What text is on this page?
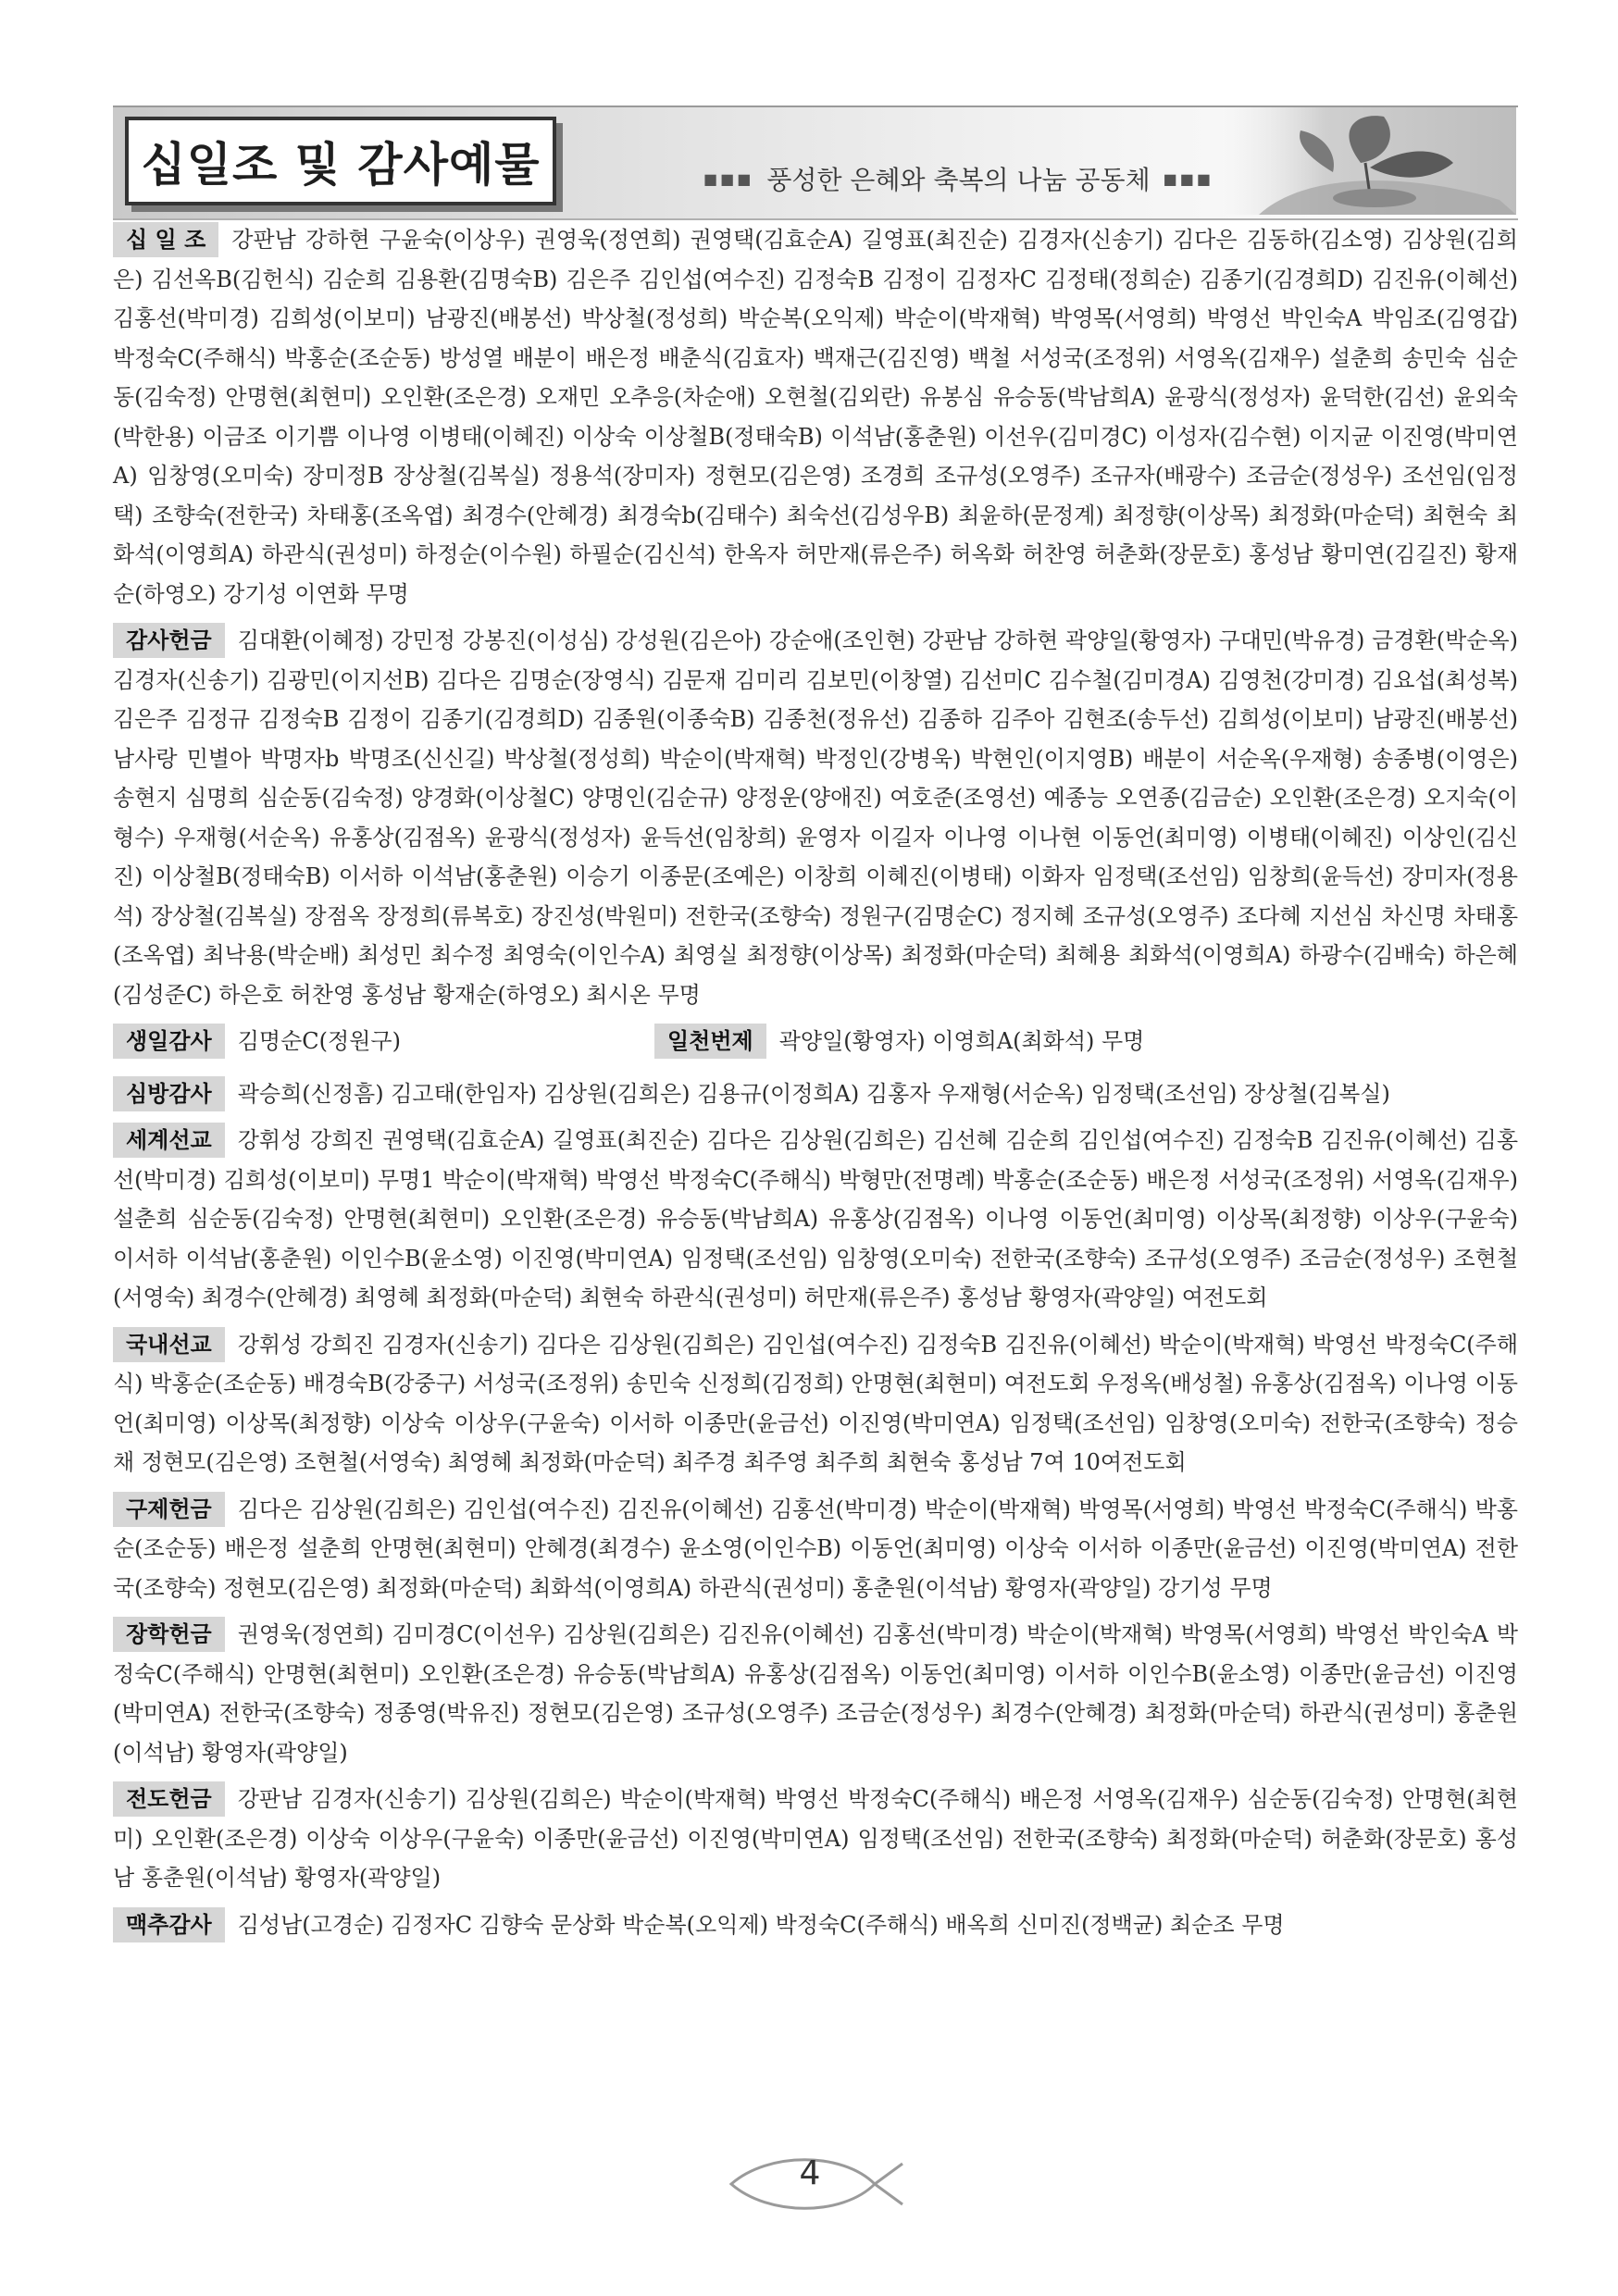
십일조 및 감사예물	■■■ 풍성한 은혜와 축복의 나눔 공동체 ■■■
십 일 조 강판남 강하현 구윤숙(이상우) 권영욱(정연희) 권영택(김효순A) 길영표(최진순) 김경자(신송기) 김다은 김동하(김소영) 김상원(김희은) 김선옥B(김헌식) 김순희 김용환(김명숙B) 김은주 김인섭(여수진) 김정숙B 김정이 김정자C 김정태(정희순) 김종기(김경희D) 김진유(이혜선) 김홍선(박미경) 김희성(이보미) 남광진(배봉선) 박상철(정성희) 박순복(오익제) 박순이(박재혁) 박영목(서영희) 박영선 박인숙A 박임조(김영갑) 박정숙C(주해식) 박홍순(조순동) 방성열 배분이 배은정 배춘식(김효자) 백재근(김진영) 백철 서성국(조정위) 서영옥(김재우) 설춘희 송민숙 심순동(김숙정) 안명현(최현미) 오인환(조은경) 오재민 오추응(차순애) 오현철(김외란) 유봉심 유승동(박남희A) 윤광식(정성자) 윤덕한(김선) 윤외숙(박한용) 이금조 이기쁨 이나영 이병태(이혜진) 이상숙 이상철B(정태숙B) 이석남(홍춘원) 이선우(김미경C) 이성자(김수현) 이지균 이진영(박미연A) 임창영(오미숙) 장미정B 장상철(김복실) 정용석(장미자) 정현모(김은영) 조경희 조규성(오영주) 조규자(배광수) 조금순(정성우) 조선임(임정택) 조향숙(전한국) 차태홍(조옥엽) 최경수(안혜경) 최경숙b(김태수) 최숙선(김성우B) 최윤하(문정계) 최정향(이상목) 최정화(마순덕) 최현숙 최화석(이영희A) 하관식(권성미) 하정순(이수원) 하필순(김신석) 한옥자 허만재(류은주) 허옥화 허찬영 허춘화(장문호) 홍성남 황미연(김길진) 황재순(하영오) 강기성 이연화 무명
감사헌금 김대환(이혜정) 강민정 강봉진(이성심) 강성원(김은아) 강순애(조인현) 강판남 강하현 곽양일(황영자) 구대민(박유경) 금경환(박순옥) 김경자(신송기) 김광민(이지선B) 김다은 김명순(장영식) 김문재 김미리 김보민(이창열) 김선미C 김수철(김미경A) 김영천(강미경) 김요섭(최성복) 김은주 김정규 김정숙B 김정이 김종기(김경희D) 김종원(이종숙B) 김종천(정유선) 김종하 김주아 김현조(송두선) 김희성(이보미) 남광진(배봉선) 남사랑 민별아 박명자b 박명조(신신길) 박상철(정성희) 박순이(박재혁) 박정인(강병욱) 박현인(이지영B) 배분이 서순옥(우재형) 송종병(이영은) 송현지 심명희 심순동(김숙정) 양경화(이상철C) 양명인(김순규) 양정운(양애진) 여호준(조영선) 예종능 오연종(김금순) 오인환(조은경) 오지숙(이형수) 우재형(서순옥) 유홍상(김점옥) 윤광식(정성자) 윤득선(임창희) 윤영자 이길자 이나영 이나현 이동언(최미영) 이병태(이혜진) 이상인(김신진) 이상철B(정태숙B) 이서하 이석남(홍춘원) 이승기 이종문(조예은) 이창희 이혜진(이병태) 이화자 임정택(조선임) 임창희(윤득선) 장미자(정용석) 장상철(김복실) 장점옥 장정희(류복호) 장진성(박원미) 전한국(조향숙) 정원구(김명순C) 정지혜 조규성(오영주) 조다혜 지선심 차신명 차태홍(조옥엽) 최낙용(박순배) 최성민 최수정 최영숙(이인수A) 최영실 최정향(이상목) 최정화(마순덕) 최혜용 최화석(이영희A) 하광수(김배숙) 하은혜(김성준C) 하은호 허찬영 홍성남 황재순(하영오) 최시온 무명
생일감사 김명순C(정원구)	일천번제 곽양일(황영자) 이영희A(최화석) 무명
심방감사 곽승희(신정흠) 김고태(한임자) 김상원(김희은) 김용규(이정희A) 김홍자 우재형(서순옥) 임정택(조선임) 장상철(김복실)
세계선교 강휘성 강희진 권영택(김효순A) 길영표(최진순) 김다은 김상원(김희은) 김선혜 김순희 김인섭(여수진) 김정숙B 김진유(이혜선) 김홍선(박미경) 김희성(이보미) 무명1 박순이(박재혁) 박영선 박정숙C(주해식) 박형만(전명례) 박홍순(조순동) 배은정 서성국(조정위) 서영옥(김재우) 설춘희 심순동(김숙정) 안명현(최현미) 오인환(조은경) 유승동(박남희A) 유홍상(김점옥) 이나영 이동언(최미영) 이상목(최정향) 이상우(구윤숙) 이서하 이석남(홍춘원) 이인수B(윤소영) 이진영(박미연A) 임정택(조선임) 임창영(오미숙) 전한국(조향숙) 조규성(오영주) 조금순(정성우) 조현철(서영숙) 최경수(안혜경) 최영혜 최정화(마순덕) 최현숙 하관식(권성미) 허만재(류은주) 홍성남 황영자(곽양일) 여전도회
국내선교 강휘성 강희진 김경자(신송기) 김다은 김상원(김희은) 김인섭(여수진) 김정숙B 김진유(이혜선) 박순이(박재혁) 박영선 박정숙C(주해식) 박홍순(조순동) 배경숙B(강중구) 서성국(조정위) 송민숙 신정희(김정희) 안명현(최현미) 여전도회 우정옥(배성철) 유홍상(김점옥) 이나영 이동언(최미영) 이상목(최정향) 이상숙 이상우(구윤숙) 이서하 이종만(윤금선) 이진영(박미연A) 임정택(조선임) 임창영(오미숙) 전한국(조향숙) 정승채 정현모(김은영) 조현철(서영숙) 최영혜 최정화(마순덕) 최주경 최주영 최주희 최현숙 홍성남 7여 10여전도회
구제헌금 김다은 김상원(김희은) 김인섭(여수진) 김진유(이혜선) 김홍선(박미경) 박순이(박재혁) 박영목(서영희) 박영선 박정숙C(주해식) 박홍순(조순동) 배은정 설춘희 안명현(최현미) 안혜경(최경수) 윤소영(이인수B) 이동언(최미영) 이상숙 이서하 이종만(윤금선) 이진영(박미연A) 전한국(조향숙) 정현모(김은영) 최정화(마순덕) 최화석(이영희A) 하관식(권성미) 홍춘원(이석남) 황영자(곽양일) 강기성 무명
장학헌금 권영욱(정연희) 김미경C(이선우) 김상원(김희은) 김진유(이혜선) 김홍선(박미경) 박순이(박재혁) 박영목(서영희) 박영선 박인숙A 박정숙C(주해식) 안명현(최현미) 오인환(조은경) 유승동(박남희A) 유홍상(김점옥) 이동언(최미영) 이서하 이인수B(윤소영) 이종만(윤금선) 이진영(박미연A) 전한국(조향숙) 정종영(박유진) 정현모(김은영) 조규성(오영주) 조금순(정성우) 최경수(안혜경) 최정화(마순덕) 하관식(권성미) 홍춘원(이석남) 황영자(곽양일)
전도헌금 강판남 김경자(신송기) 김상원(김희은) 박순이(박재혁) 박영선 박정숙C(주해식) 배은정 서영옥(김재우) 심순동(김숙정) 안명현(최현미) 오인환(조은경) 이상숙 이상우(구윤숙) 이종만(윤금선) 이진영(박미연A) 임정택(조선임) 전한국(조향숙) 최정화(마순덕) 허춘화(장문호) 홍성남 홍춘원(이석남) 황영자(곽양일)
맥추감사 김성남(고경순) 김정자C 김향숙 문상화 박순복(오익제) 박정숙C(주해식) 배옥희 신미진(정백균) 최순조 무명
4
